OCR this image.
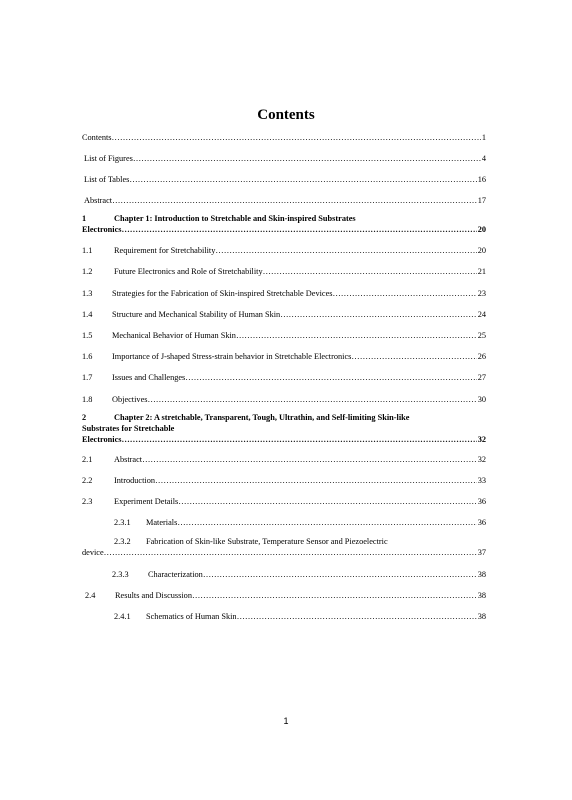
Contents
Contents ……………………………………………………………………………………………………………………………………………………………………………………………………………………………………	1
List of Figures ……………………………………………………………………………………………………………………………………………………………………………………………………………………………………	4
List of Tables ……………………………………………………………………………………………………………………………………………………………………………………………………………………………………	16
Abstract ……………………………………………………………………………………………………………………………………………………………………………………………………………………………………	17
1	Chapter 1: Introduction to Stretchable and Skin-inspired Substrates
Electronics ……………………………………………………………………………………………………………………………………………………………………………………………………………………………………	20
1.1	Requirement for Stretchability ……………………………………………………………………………………………………………………………………………………………………………………………………………………………………	20
1.2	Future Electronics and Role of Stretchability ……………………………………………………………………………………………………………………………………………………………………………………………………………………………………	21
1.3	Strategies for the Fabrication of Skin-inspired Stretchable Devices ……………………………………………………………………………………………………………………………………………………………………………………………………………………………………	23
1.4	Structure and Mechanical Stability of Human Skin ……………………………………………………………………………………………………………………………………………………………………………………………………………………………………	24
1.5	Mechanical Behavior of Human Skin ……………………………………………………………………………………………………………………………………………………………………………………………………………………………………	25
1.6	Importance of J-shaped Stress-strain behavior in Stretchable Electronics ……………………………………………………………………………………………………………………………………………………………………………………………………………………………………	26
1.7	Issues and Challenges ……………………………………………………………………………………………………………………………………………………………………………………………………………………………………	27
1.8	Objectives ……………………………………………………………………………………………………………………………………………………………………………………………………………………………………	30
2	Chapter 2: A stretchable, Transparent, Tough, Ultrathin, and Self-limiting Skin-like
Substrates for Stretchable
Electronics ……………………………………………………………………………………………………………………………………………………………………………………………………………………………………	32
2.1	Abstract ……………………………………………………………………………………………………………………………………………………………………………………………………………………………………	32
2.2	Introduction ……………………………………………………………………………………………………………………………………………………………………………………………………………………………………	33
2.3	Experiment Details ……………………………………………………………………………………………………………………………………………………………………………………………………………………………………	36
2.3.1	Materials ……………………………………………………………………………………………………………………………………………………………………………………………………………………………………	36
2.3.2	Fabrication of Skin-like Substrate, Temperature Sensor and Piezoelectric
device ……………………………………………………………………………………………………………………………………………………………………………………………………………………………………	37
2.3.3	Characterization ……………………………………………………………………………………………………………………………………………………………………………………………………………………………………	38
2.4	Results and Discussion ……………………………………………………………………………………………………………………………………………………………………………………………………………………………………	38
2.4.1	Schematics of Human Skin ……………………………………………………………………………………………………………………………………………………………………………………………………………………………………	38
1
